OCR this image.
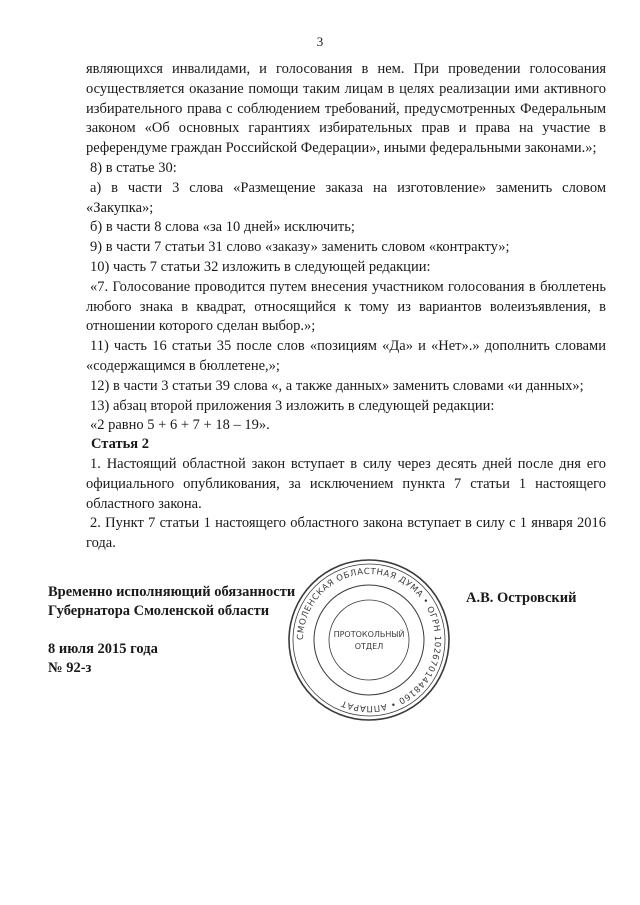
3

являющихся инвалидами, и голосования в нем. При проведении голосования осуществляется оказание помощи таким лицам в целях реализации ими активного избирательного права с соблюдением требований, предусмотренных Федеральным законом «Об основных гарантиях избирательных прав и права на участие в референдуме граждан Российской Федерации», иными федеральными законами.»;

8) в статье 30:

а) в части 3 слова «Размещение заказа на изготовление» заменить словом «Закупка»;

б) в части 8 слова «за 10 дней» исключить;

9) в части 7 статьи 31 слово «заказу» заменить словом «контракту»;

10) часть 7 статьи 32 изложить в следующей редакции:

«7. Голосование проводится путем внесения участником голосования в бюллетень любого знака в квадрат, относящийся к тому из вариантов волеизъявления, в отношении которого сделан выбор.»;

11) часть 16 статьи 35 после слов «позициям «Да» и «Нет».» дополнить словами «содержащимся в бюллетене,»;

12) в части 3 статьи 39 слова «, а также данных» заменить словами «и данных»;

13) абзац второй приложения 3 изложить в следующей редакции:

«2 равно 5 + 6 + 7 + 18 – 19».

Статья 2

1. Настоящий областной закон вступает в силу через десять дней после дня его официального опубликования, за исключением пункта 7 статьи 1 настоящего областного закона.

2. Пункт 7 статьи 1 настоящего областного закона вступает в силу с 1 января 2016 года.

Временно исполняющий обязанности
Губернатора Смоленской области
А.В. Островский
8 июля 2015 года
№ 92-з
СМОЛЕНСКАЯ ОБЛАСТНАЯ ДУМА • ОГРН 1026701448160 • АППАРАТ
ПРОТОКОЛЬНЫЙ
ОТДЕЛ
